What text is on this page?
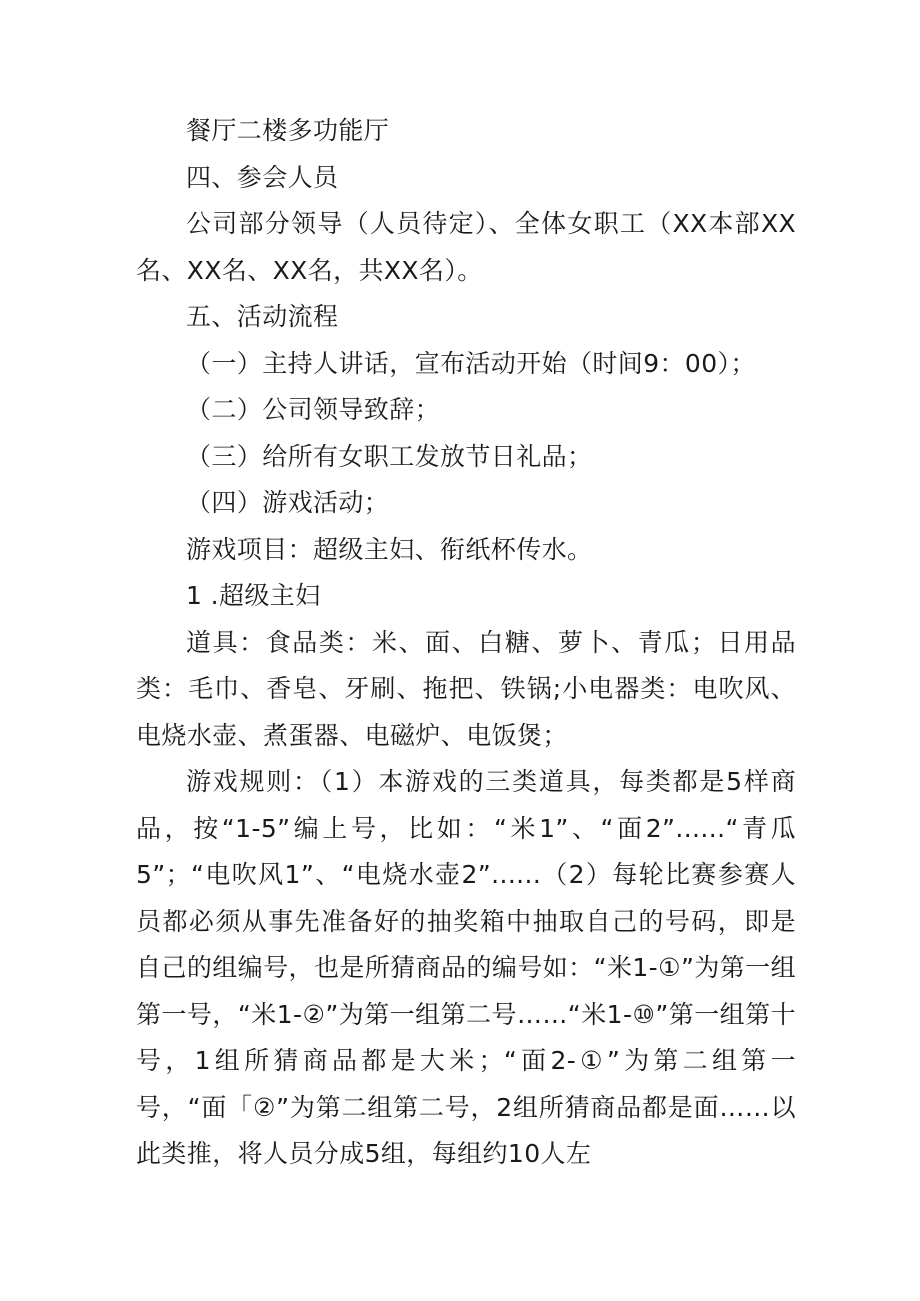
餐厅二楼多功能厅

四、参会人员

公司部分领导（人员待定）、全体女职工（XX本部XX名、XX名、XX名，共XX名）。

五、活动流程

（一）主持人讲话，宣布活动开始（时间9：00）；

（二）公司领导致辞；

（三）给所有女职工发放节日礼品；

（四）游戏活动；

游戏项目：超级主妇、衔纸杯传水。

1 .超级主妇

道具：食品类：米、面、白糖、萝卜、青瓜；日用品类：毛巾、香皂、牙刷、拖把、铁锅;小电器类：电吹风、电烧水壶、煮蛋器、电磁炉、电饭煲；

游戏规则：（1）本游戏的三类道具，每类都是5样商品，按“1-5”编上号，比如：“米1”、“面2”......“青瓜5”；“电吹风1”、“电烧水壶2”......（2）每轮比赛参赛人员都必须从事先准备好的抽奖箱中抽取自己的号码，即是自己的组编号，也是所猜商品的编号如：“米1-①”为第一组第一号，“米1-②”为第一组第二号……“米1-⑩”第一组第十号，1组所猜商品都是大米；“面2-①”为第二组第一号，“面「②”为第二组第二号，2组所猜商品都是面……以此类推，将人员分成5组，每组约10人左
